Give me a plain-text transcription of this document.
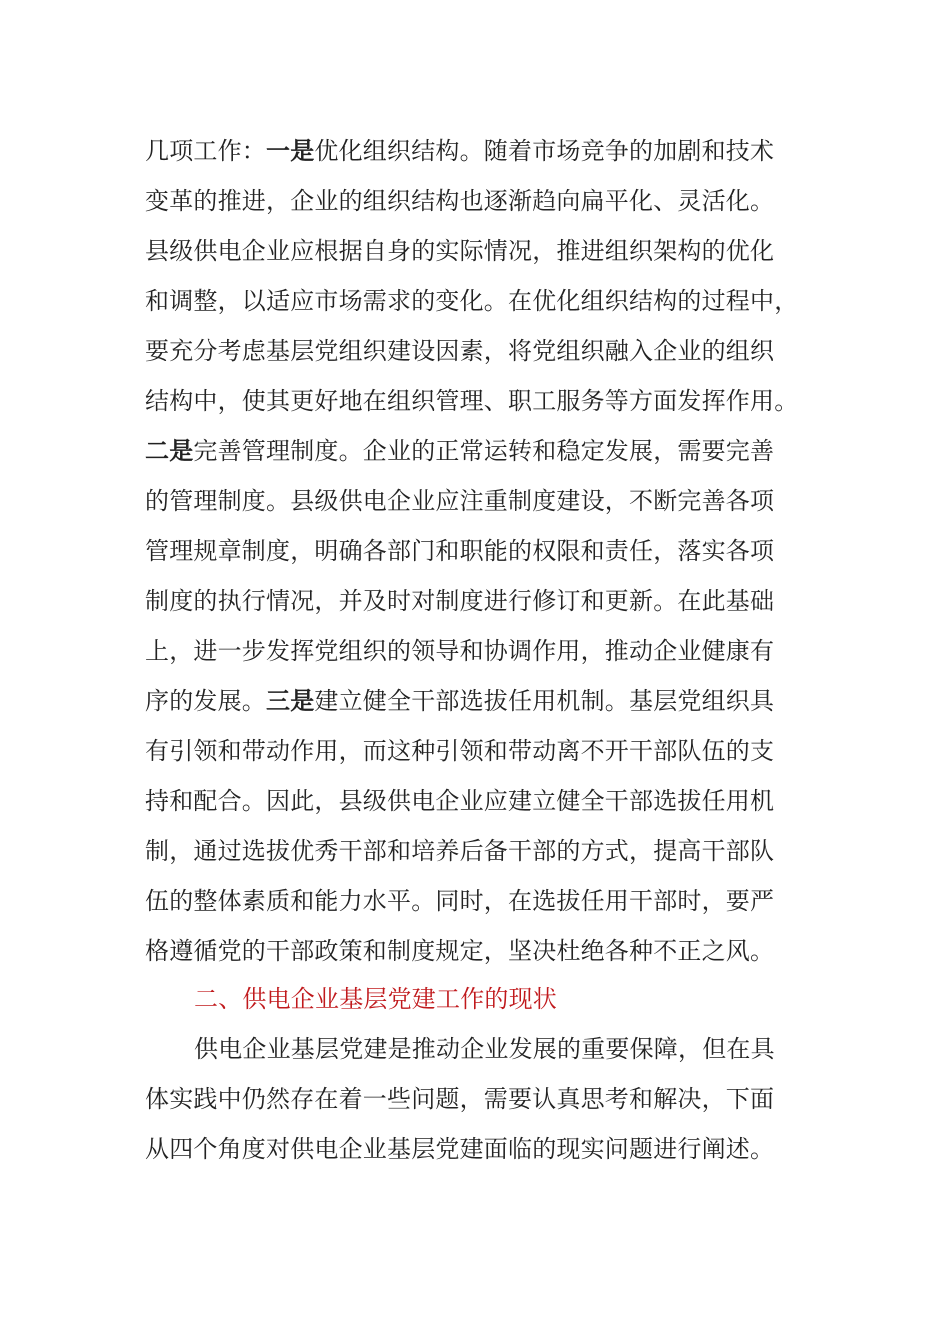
几项工作：一是优化组织结构。随着市场竞争的加剧和技术
变革的推进，企业的组织结构也逐渐趋向扁平化、灵活化。
县级供电企业应根据自身的实际情况，推进组织架构的优化
和调整，以适应市场需求的变化。在优化组织结构的过程中，
要充分考虑基层党组织建设因素，将党组织融入企业的组织
结构中，使其更好地在组织管理、职工服务等方面发挥作用。
二是完善管理制度。企业的正常运转和稳定发展，需要完善
的管理制度。县级供电企业应注重制度建设，不断完善各项
管理规章制度，明确各部门和职能的权限和责任，落实各项
制度的执行情况，并及时对制度进行修订和更新。在此基础
上，进一步发挥党组织的领导和协调作用，推动企业健康有
序的发展。三是建立健全干部选拔任用机制。基层党组织具
有引领和带动作用，而这种引领和带动离不开干部队伍的支
持和配合。因此，县级供电企业应建立健全干部选拔任用机
制，通过选拔优秀干部和培养后备干部的方式，提高干部队
伍的整体素质和能力水平。同时，在选拔任用干部时，要严
格遵循党的干部政策和制度规定，坚决杜绝各种不正之风。
二、供电企业基层党建工作的现状
供电企业基层党建是推动企业发展的重要保障，但在具
体实践中仍然存在着一些问题，需要认真思考和解决，下面
从四个角度对供电企业基层党建面临的现实问题进行阐述。
